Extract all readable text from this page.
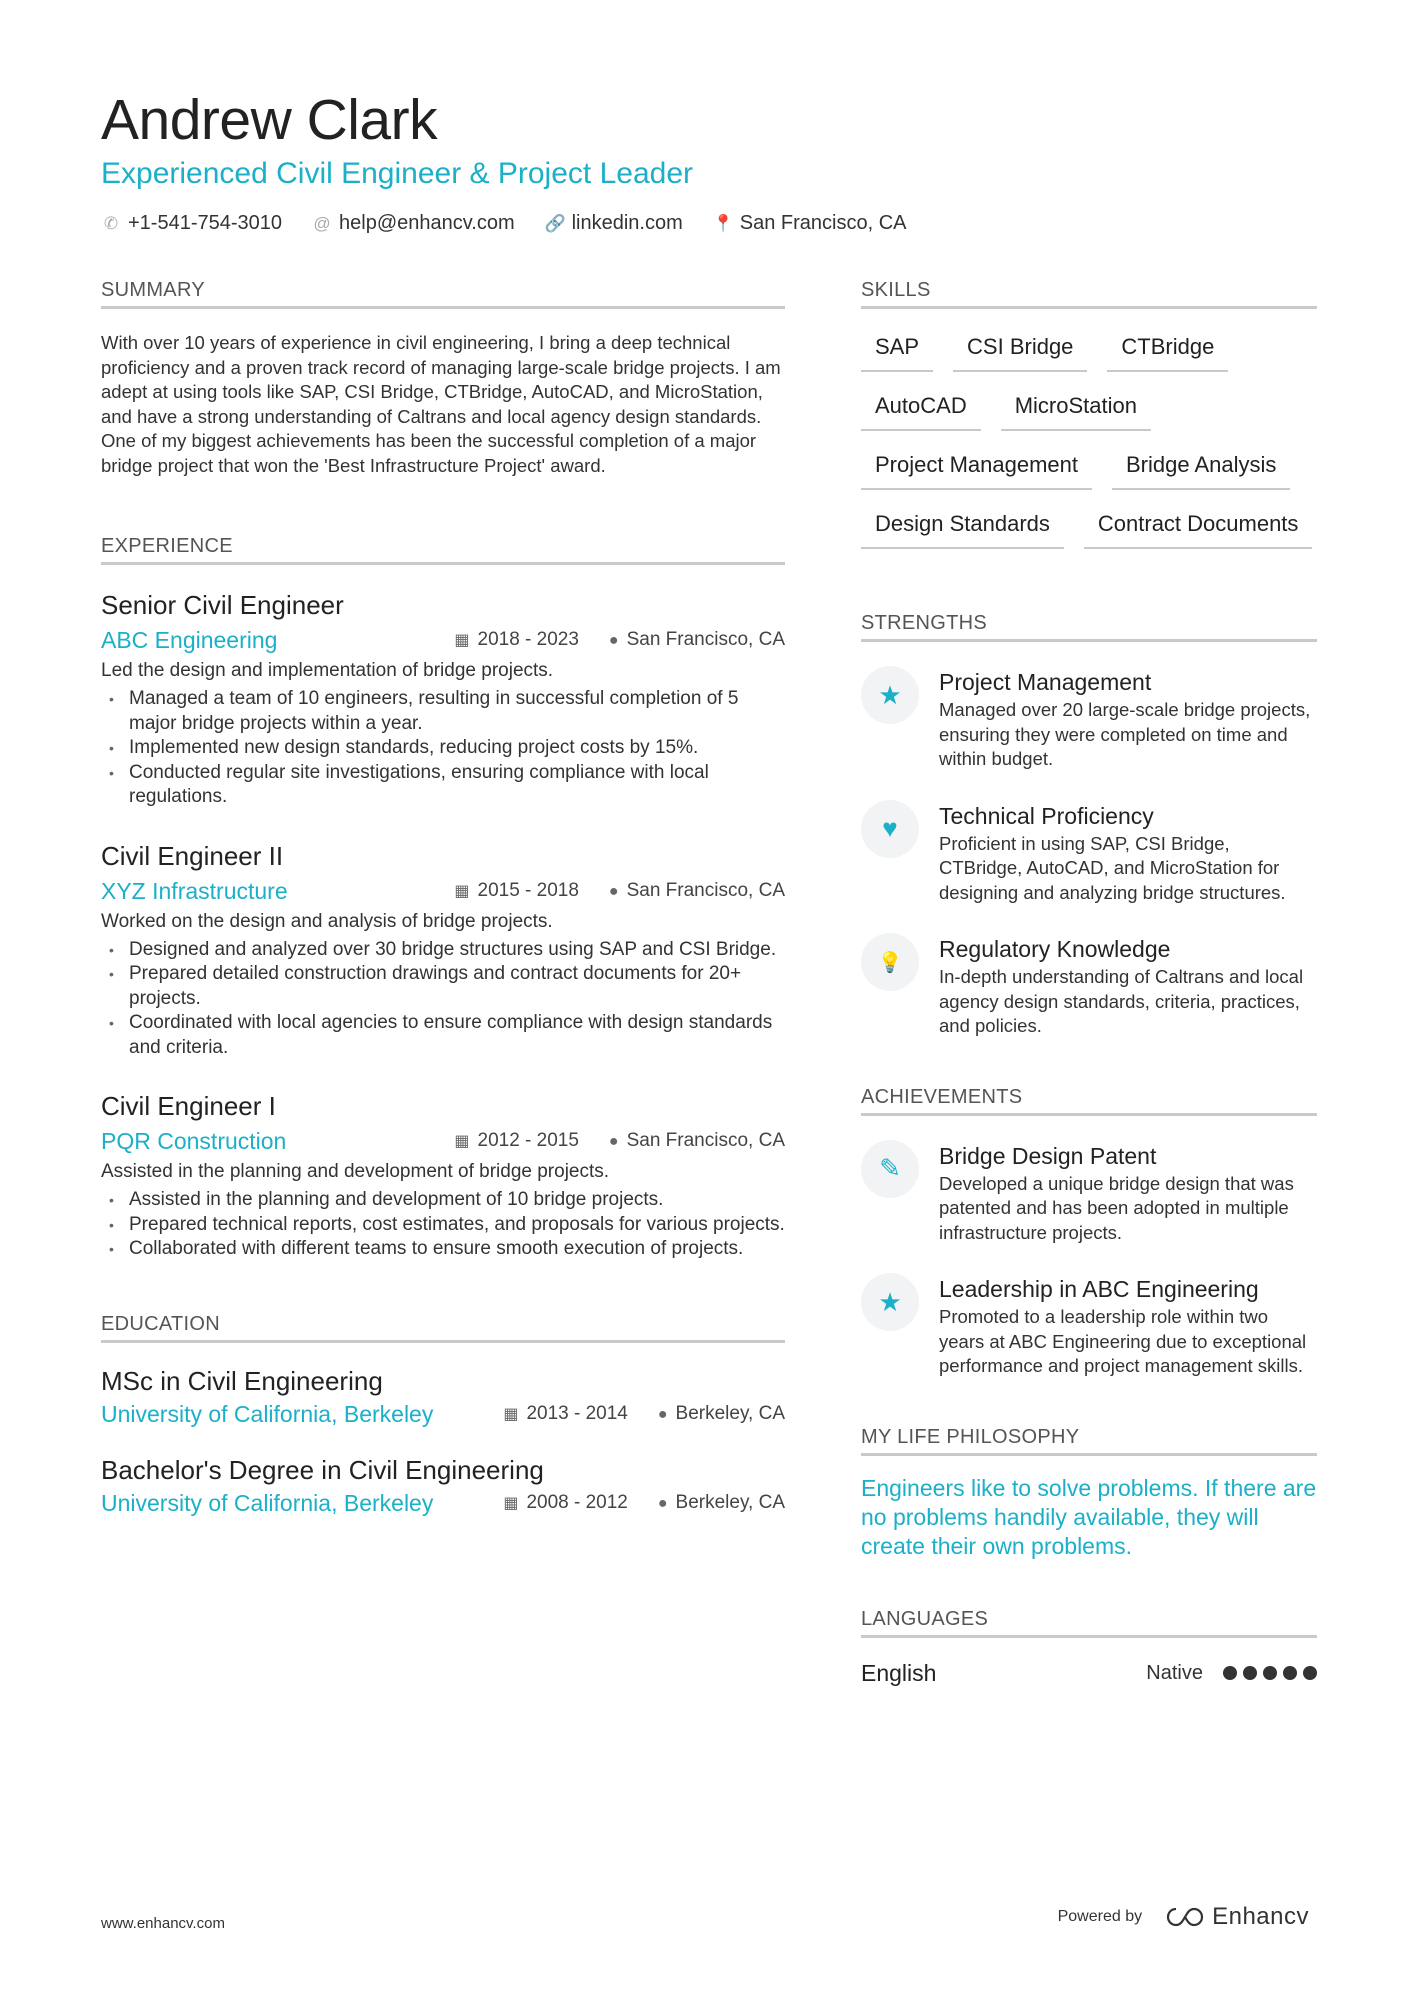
Andrew Clark
Experienced Civil Engineer & Project Leader
✆ +1-541-754-3010 @ help@enhancv.com 🔗 linkedin.com 📍 San Francisco, CA
SUMMARY

With over 10 years of experience in civil engineering, I bring a deep technical proficiency and a proven track record of managing large-scale bridge projects. I am adept at using tools like SAP, CSI Bridge, CTBridge, AutoCAD, and MicroStation, and have a strong understanding of Caltrans and local agency design standards. One of my biggest achievements has been the successful completion of a major bridge project that won the 'Best Infrastructure Project' award.

EXPERIENCE
Senior Civil Engineer
ABC Engineering	▦ 2018 - 2023 ● San Francisco, CA
Led the design and implementation of bridge projects.
• Managed a team of 10 engineers, resulting in successful completion of 5 major bridge projects within a year.
• Implemented new design standards, reducing project costs by 15%.
• Conducted regular site investigations, ensuring compliance with local regulations.
Civil Engineer II
XYZ Infrastructure	▦ 2015 - 2018 ● San Francisco, CA
Worked on the design and analysis of bridge projects.
• Designed and analyzed over 30 bridge structures using SAP and CSI Bridge.
• Prepared detailed construction drawings and contract documents for 20+ projects.
• Coordinated with local agencies to ensure compliance with design standards and criteria.
Civil Engineer I
PQR Construction	▦ 2012 - 2015 ● San Francisco, CA
Assisted in the planning and development of bridge projects.
• Assisted in the planning and development of 10 bridge projects.
• Prepared technical reports, cost estimates, and proposals for various projects.
• Collaborated with different teams to ensure smooth execution of projects.
EDUCATION
MSc in Civil Engineering
University of California, Berkeley	▦ 2013 - 2014 ● Berkeley, CA
Bachelor's Degree in Civil Engineering
University of California, Berkeley	▦ 2008 - 2012 ● Berkeley, CA
SKILLS
SAP	CSI Bridge	CTBridge
AutoCAD	MicroStation
Project Management	Bridge Analysis
Design Standards	Contract Documents
STRENGTHS
★	Project Management
Managed over 20 large-scale bridge projects, ensuring they were completed on time and within budget.
♥	Technical Proficiency
Proficient in using SAP, CSI Bridge, CTBridge, AutoCAD, and MicroStation for designing and analyzing bridge structures.
💡
Regulatory Knowledge
In-depth understanding of Caltrans and local agency design standards, criteria, practices, and policies.
ACHIEVEMENTS
✎	Bridge Design Patent
Developed a unique bridge design that was patented and has been adopted in multiple infrastructure projects.
★	Leadership in ABC Engineering
Promoted to a leadership role within two years at ABC Engineering due to exceptional performance and project management skills.
MY LIFE PHILOSOPHY

Engineers like to solve problems. If there are no problems handily available, they will create their own problems.

LANGUAGES
English	Native
www.enhancv.com	Powered by	Enhancv
